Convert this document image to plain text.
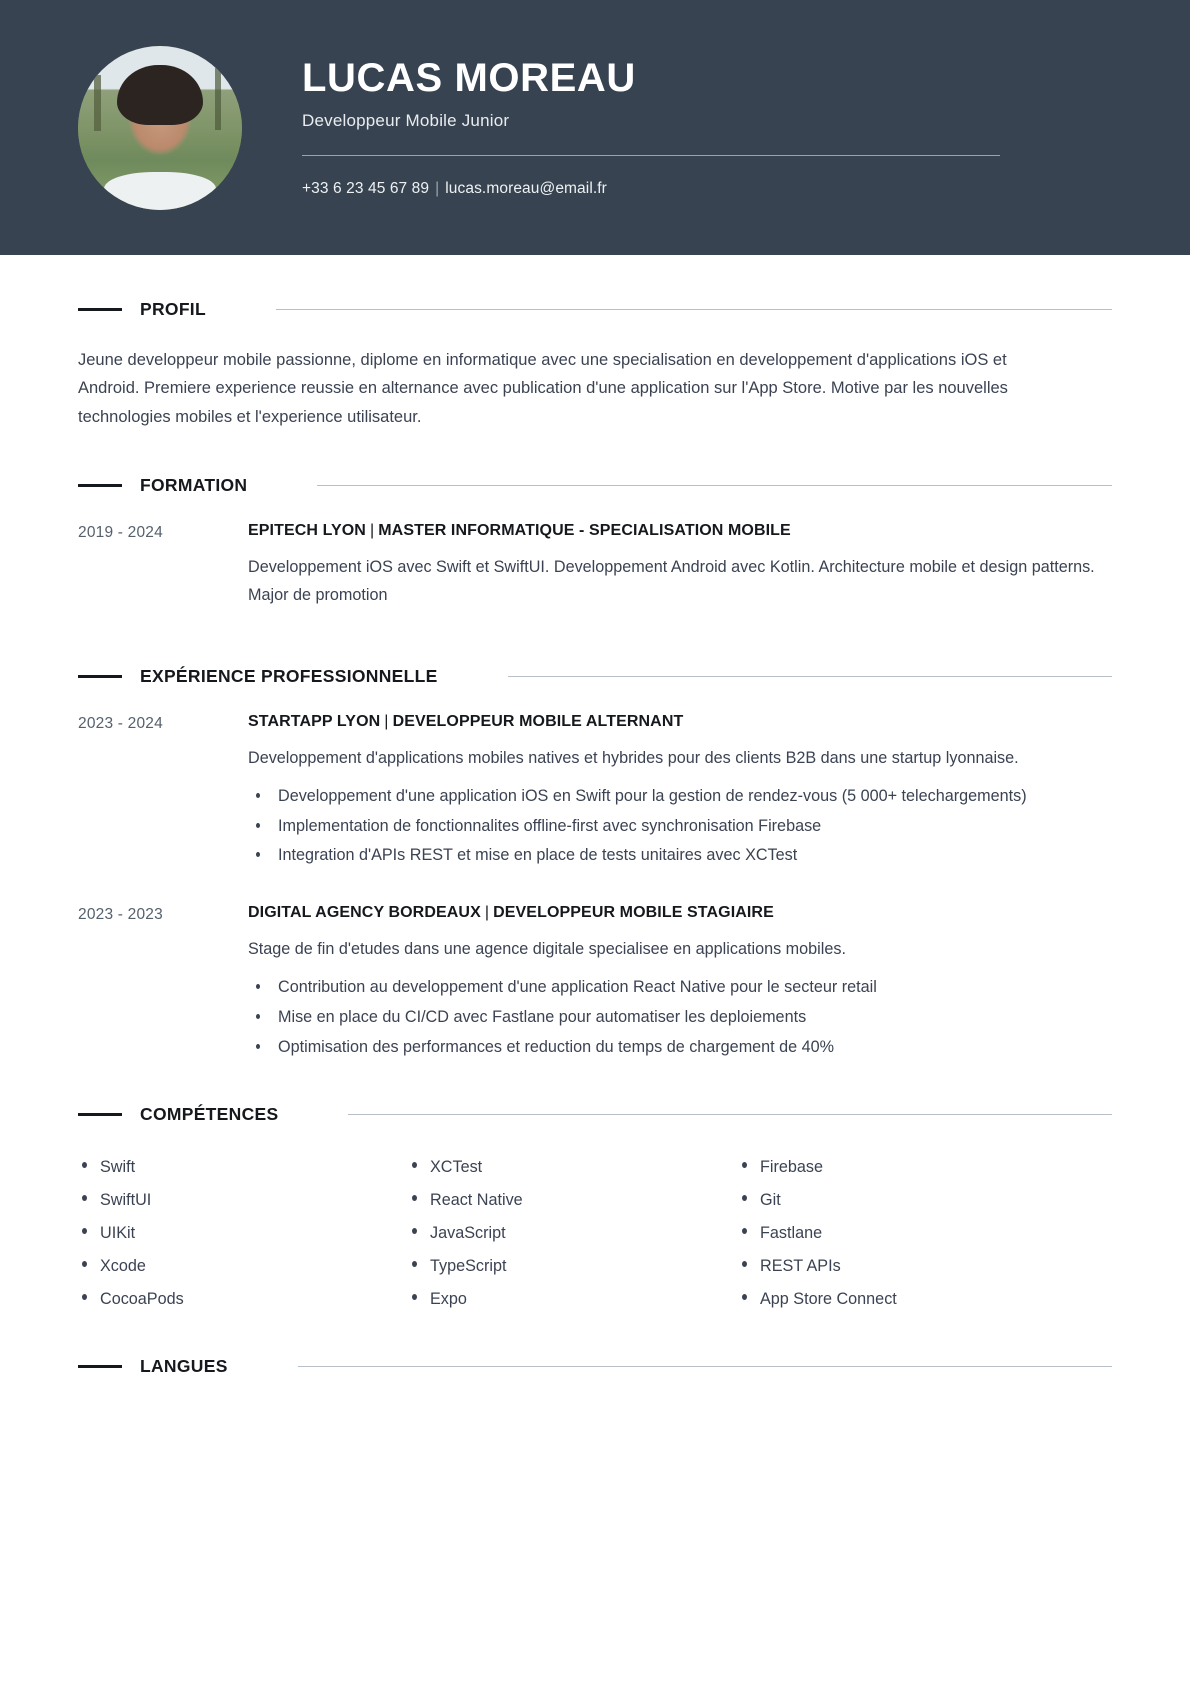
LUCAS MOREAU
Developpeur Mobile Junior
+33 6 23 45 67 89 | lucas.moreau@email.fr
PROFIL

Jeune developpeur mobile passionne, diplome en informatique avec une specialisation en developpement d'applications iOS et Android. Premiere experience reussie en alternance avec publication d'une application sur l'App Store. Motive par les nouvelles technologies mobiles et l'experience utilisateur.

FORMATION
2019 - 2024	EPITECH LYON | MASTER INFORMATIQUE - SPECIALISATION MOBILE

Developpement iOS avec Swift et SwiftUI. Developpement Android avec Kotlin. Architecture mobile et design patterns. Major de promotion

EXPÉRIENCE PROFESSIONNELLE
2023 - 2024	STARTAPP LYON | DEVELOPPEUR MOBILE ALTERNANT

Developpement d'applications mobiles natives et hybrides pour des clients B2B dans une startup lyonnaise.

Developpement d'une application iOS en Swift pour la gestion de rendez-vous (5 000+ telechargements)
Implementation de fonctionnalites offline-first avec synchronisation Firebase
Integration d'APIs REST et mise en place de tests unitaires avec XCTest
2023 - 2023	DIGITAL AGENCY BORDEAUX | DEVELOPPEUR MOBILE STAGIAIRE

Stage de fin d'etudes dans une agence digitale specialisee en applications mobiles.

Contribution au developpement d'une application React Native pour le secteur retail
Mise en place du CI/CD avec Fastlane pour automatiser les deploiements
Optimisation des performances et reduction du temps de chargement de 40%
COMPÉTENCES
Swift	XCTest	Firebase
SwiftUI	React Native	Git
UIKit	JavaScript	Fastlane
Xcode	TypeScript	REST APIs
CocoaPods	Expo	App Store Connect
LANGUES
